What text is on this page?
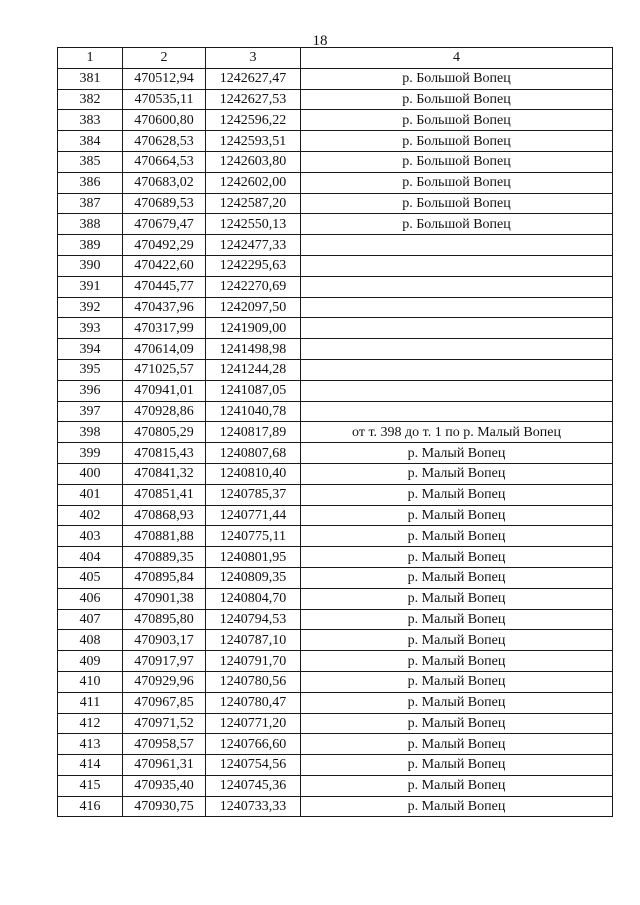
18
1	2	3	4
381	470512,94	1242627,47	р. Большой Вопец
382	470535,11	1242627,53	р. Большой Вопец
383	470600,80	1242596,22	р. Большой Вопец
384	470628,53	1242593,51	р. Большой Вопец
385	470664,53	1242603,80	р. Большой Вопец
386	470683,02	1242602,00	р. Большой Вопец
387	470689,53	1242587,20	р. Большой Вопец
388	470679,47	1242550,13	р. Большой Вопец
389	470492,29	1242477,33	
390	470422,60	1242295,63	
391	470445,77	1242270,69	
392	470437,96	1242097,50	
393	470317,99	1241909,00	
394	470614,09	1241498,98	
395	471025,57	1241244,28	
396	470941,01	1241087,05	
397	470928,86	1241040,78	
398	470805,29	1240817,89	от т. 398 до т. 1 по р. Малый Вопец
399	470815,43	1240807,68	р. Малый Вопец
400	470841,32	1240810,40	р. Малый Вопец
401	470851,41	1240785,37	р. Малый Вопец
402	470868,93	1240771,44	р. Малый Вопец
403	470881,88	1240775,11	р. Малый Вопец
404	470889,35	1240801,95	р. Малый Вопец
405	470895,84	1240809,35	р. Малый Вопец
406	470901,38	1240804,70	р. Малый Вопец
407	470895,80	1240794,53	р. Малый Вопец
408	470903,17	1240787,10	р. Малый Вопец
409	470917,97	1240791,70	р. Малый Вопец
410	470929,96	1240780,56	р. Малый Вопец
411	470967,85	1240780,47	р. Малый Вопец
412	470971,52	1240771,20	р. Малый Вопец
413	470958,57	1240766,60	р. Малый Вопец
414	470961,31	1240754,56	р. Малый Вопец
415	470935,40	1240745,36	р. Малый Вопец
416	470930,75	1240733,33	р. Малый Вопец
